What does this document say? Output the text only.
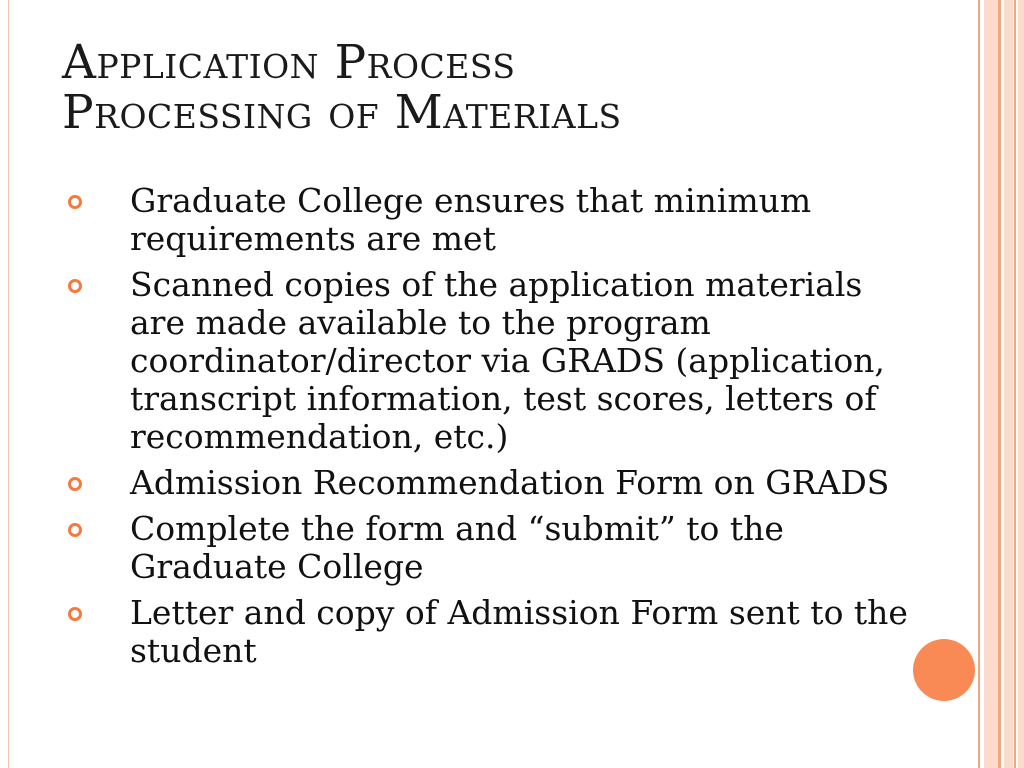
Application Process
Processing of Materials
Graduate College ensures that minimum requirements are met
Scanned copies of the application materials are made available to the program coordinator/director via GRADS (application, transcript information, test scores, letters of recommendation, etc.)
Admission Recommendation Form on GRADS
Complete the form and “submit” to the Graduate College
Letter and copy of Admission Form sent to the student
